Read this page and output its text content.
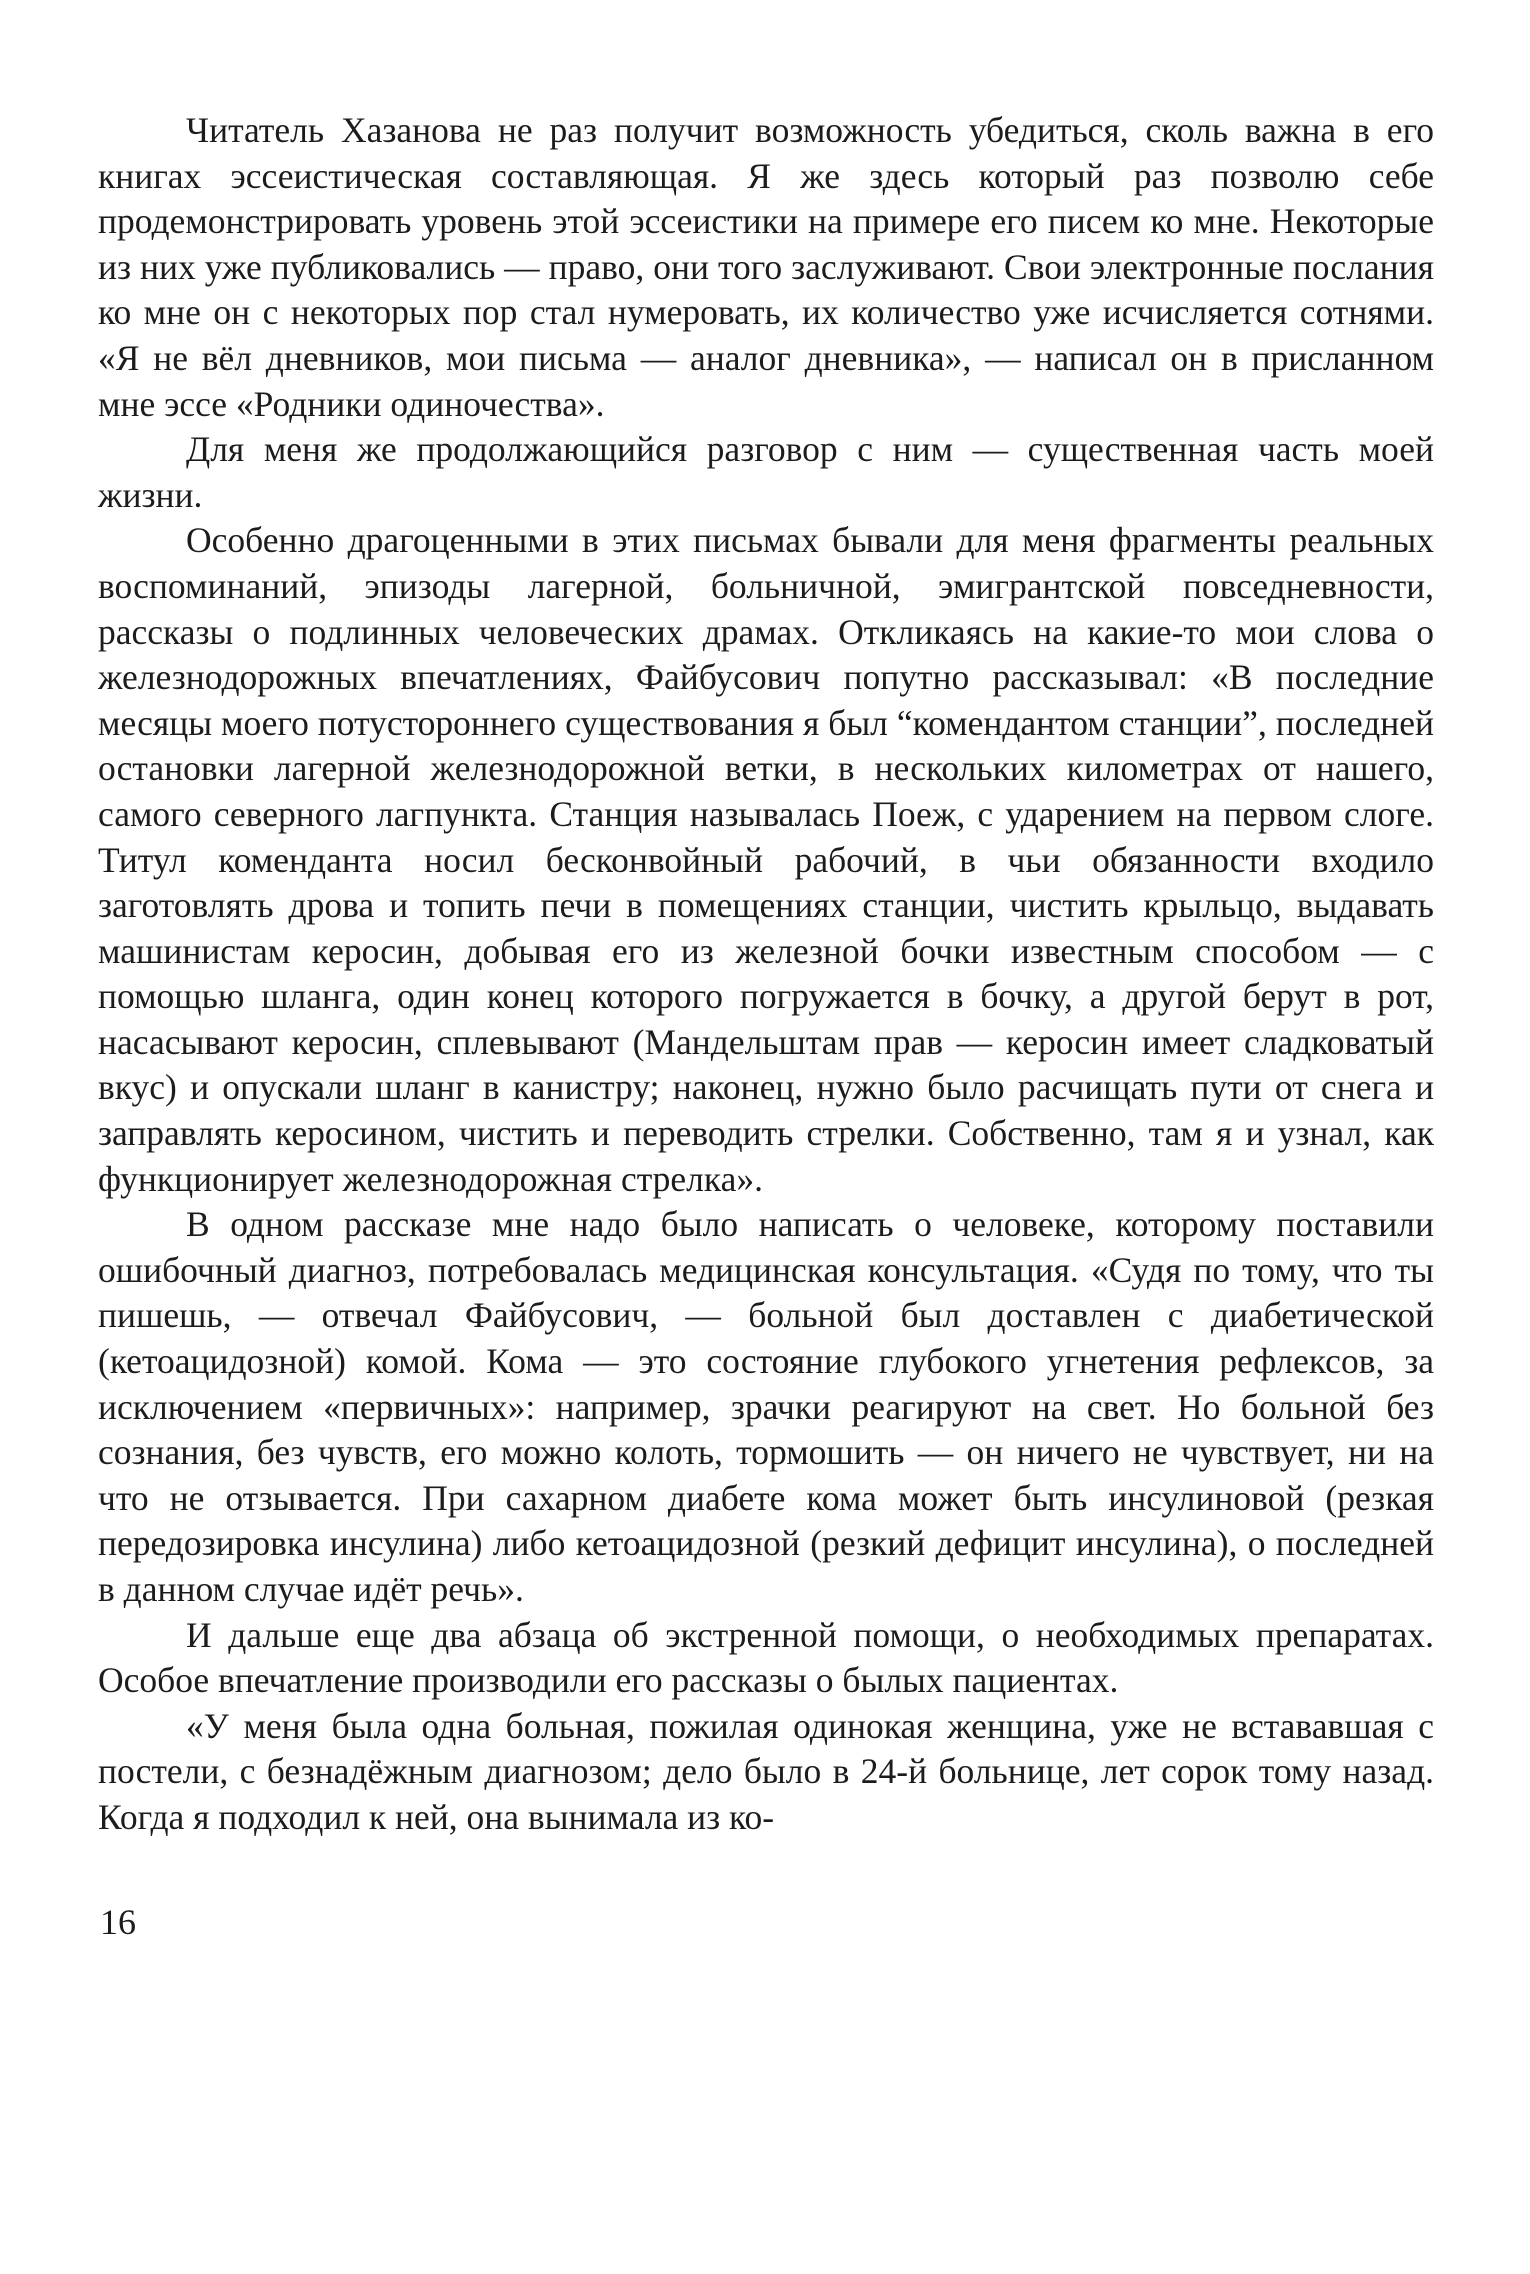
Читатель Хазанова не раз получит возможность убедиться, сколь важна в его книгах эссеистическая составляющая. Я же здесь который раз позволю себе продемонстрировать уровень этой эссеистики на примере его писем ко мне. Некоторые из них уже публиковались — право, они того заслуживают. Свои электронные послания ко мне он с некоторых пор стал нумеровать, их количество уже исчисляется сотнями. «Я не вёл дневников, мои письма — аналог дневника», — написал он в присланном мне эссе «Родники одиночества».

Для меня же продолжающийся разговор с ним — существенная часть моей жизни.

Особенно драгоценными в этих письмах бывали для меня фрагменты реальных воспоминаний, эпизоды лагерной, больничной, эмигрантской повседневности, рассказы о подлинных человеческих драмах. Откликаясь на какие-то мои слова о железнодорожных впечатлениях, Файбусович попутно рассказывал: «В последние месяцы моего потустороннего существования я был “комендантом станции”, последней остановки лагерной железнодорожной ветки, в нескольких километрах от нашего, самого северного лагпункта. Станция называлась Поеж, с ударением на первом слоге. Титул коменданта носил бесконвойный рабочий, в чьи обязанности входило заготовлять дрова и топить печи в помещениях станции, чистить крыльцо, выдавать машинистам керосин, добывая его из железной бочки известным способом — с помощью шланга, один конец которого погружается в бочку, а другой берут в рот, насасывают керосин, сплевывают (Мандельштам прав — керосин имеет сладковатый вкус) и опускали шланг в канистру; наконец, нужно было расчищать пути от снега и заправлять керосином, чистить и переводить стрелки. Собственно, там я и узнал, как функционирует железнодорожная стрелка».

В одном рассказе мне надо было написать о человеке, которому поставили ошибочный диагноз, потребовалась медицинская консультация. «Судя по тому, что ты пишешь, — отвечал Файбусович, — больной был доставлен с диабетической (кетоацидозной) комой. Кома — это состояние глубокого угнетения рефлексов, за исключением «первичных»: например, зрачки реагируют на свет. Но больной без сознания, без чувств, его можно колоть, тормошить — он ничего не чувствует, ни на что не отзывается. При сахарном диабете кома может быть инсулиновой (резкая передозировка инсулина) либо кетоацидозной (резкий дефицит инсулина), о последней в данном случае идёт речь».

И дальше еще два абзаца об экстренной помощи, о необходимых препаратах. Особое впечатление производили его рассказы о былых пациентах.

«У меня была одна больная, пожилая одинокая женщина, уже не встававшая с постели, с безнадёжным диагнозом; дело было в 24-й больнице, лет сорок тому назад. Когда я подходил к ней, она вынимала из ко-

16
